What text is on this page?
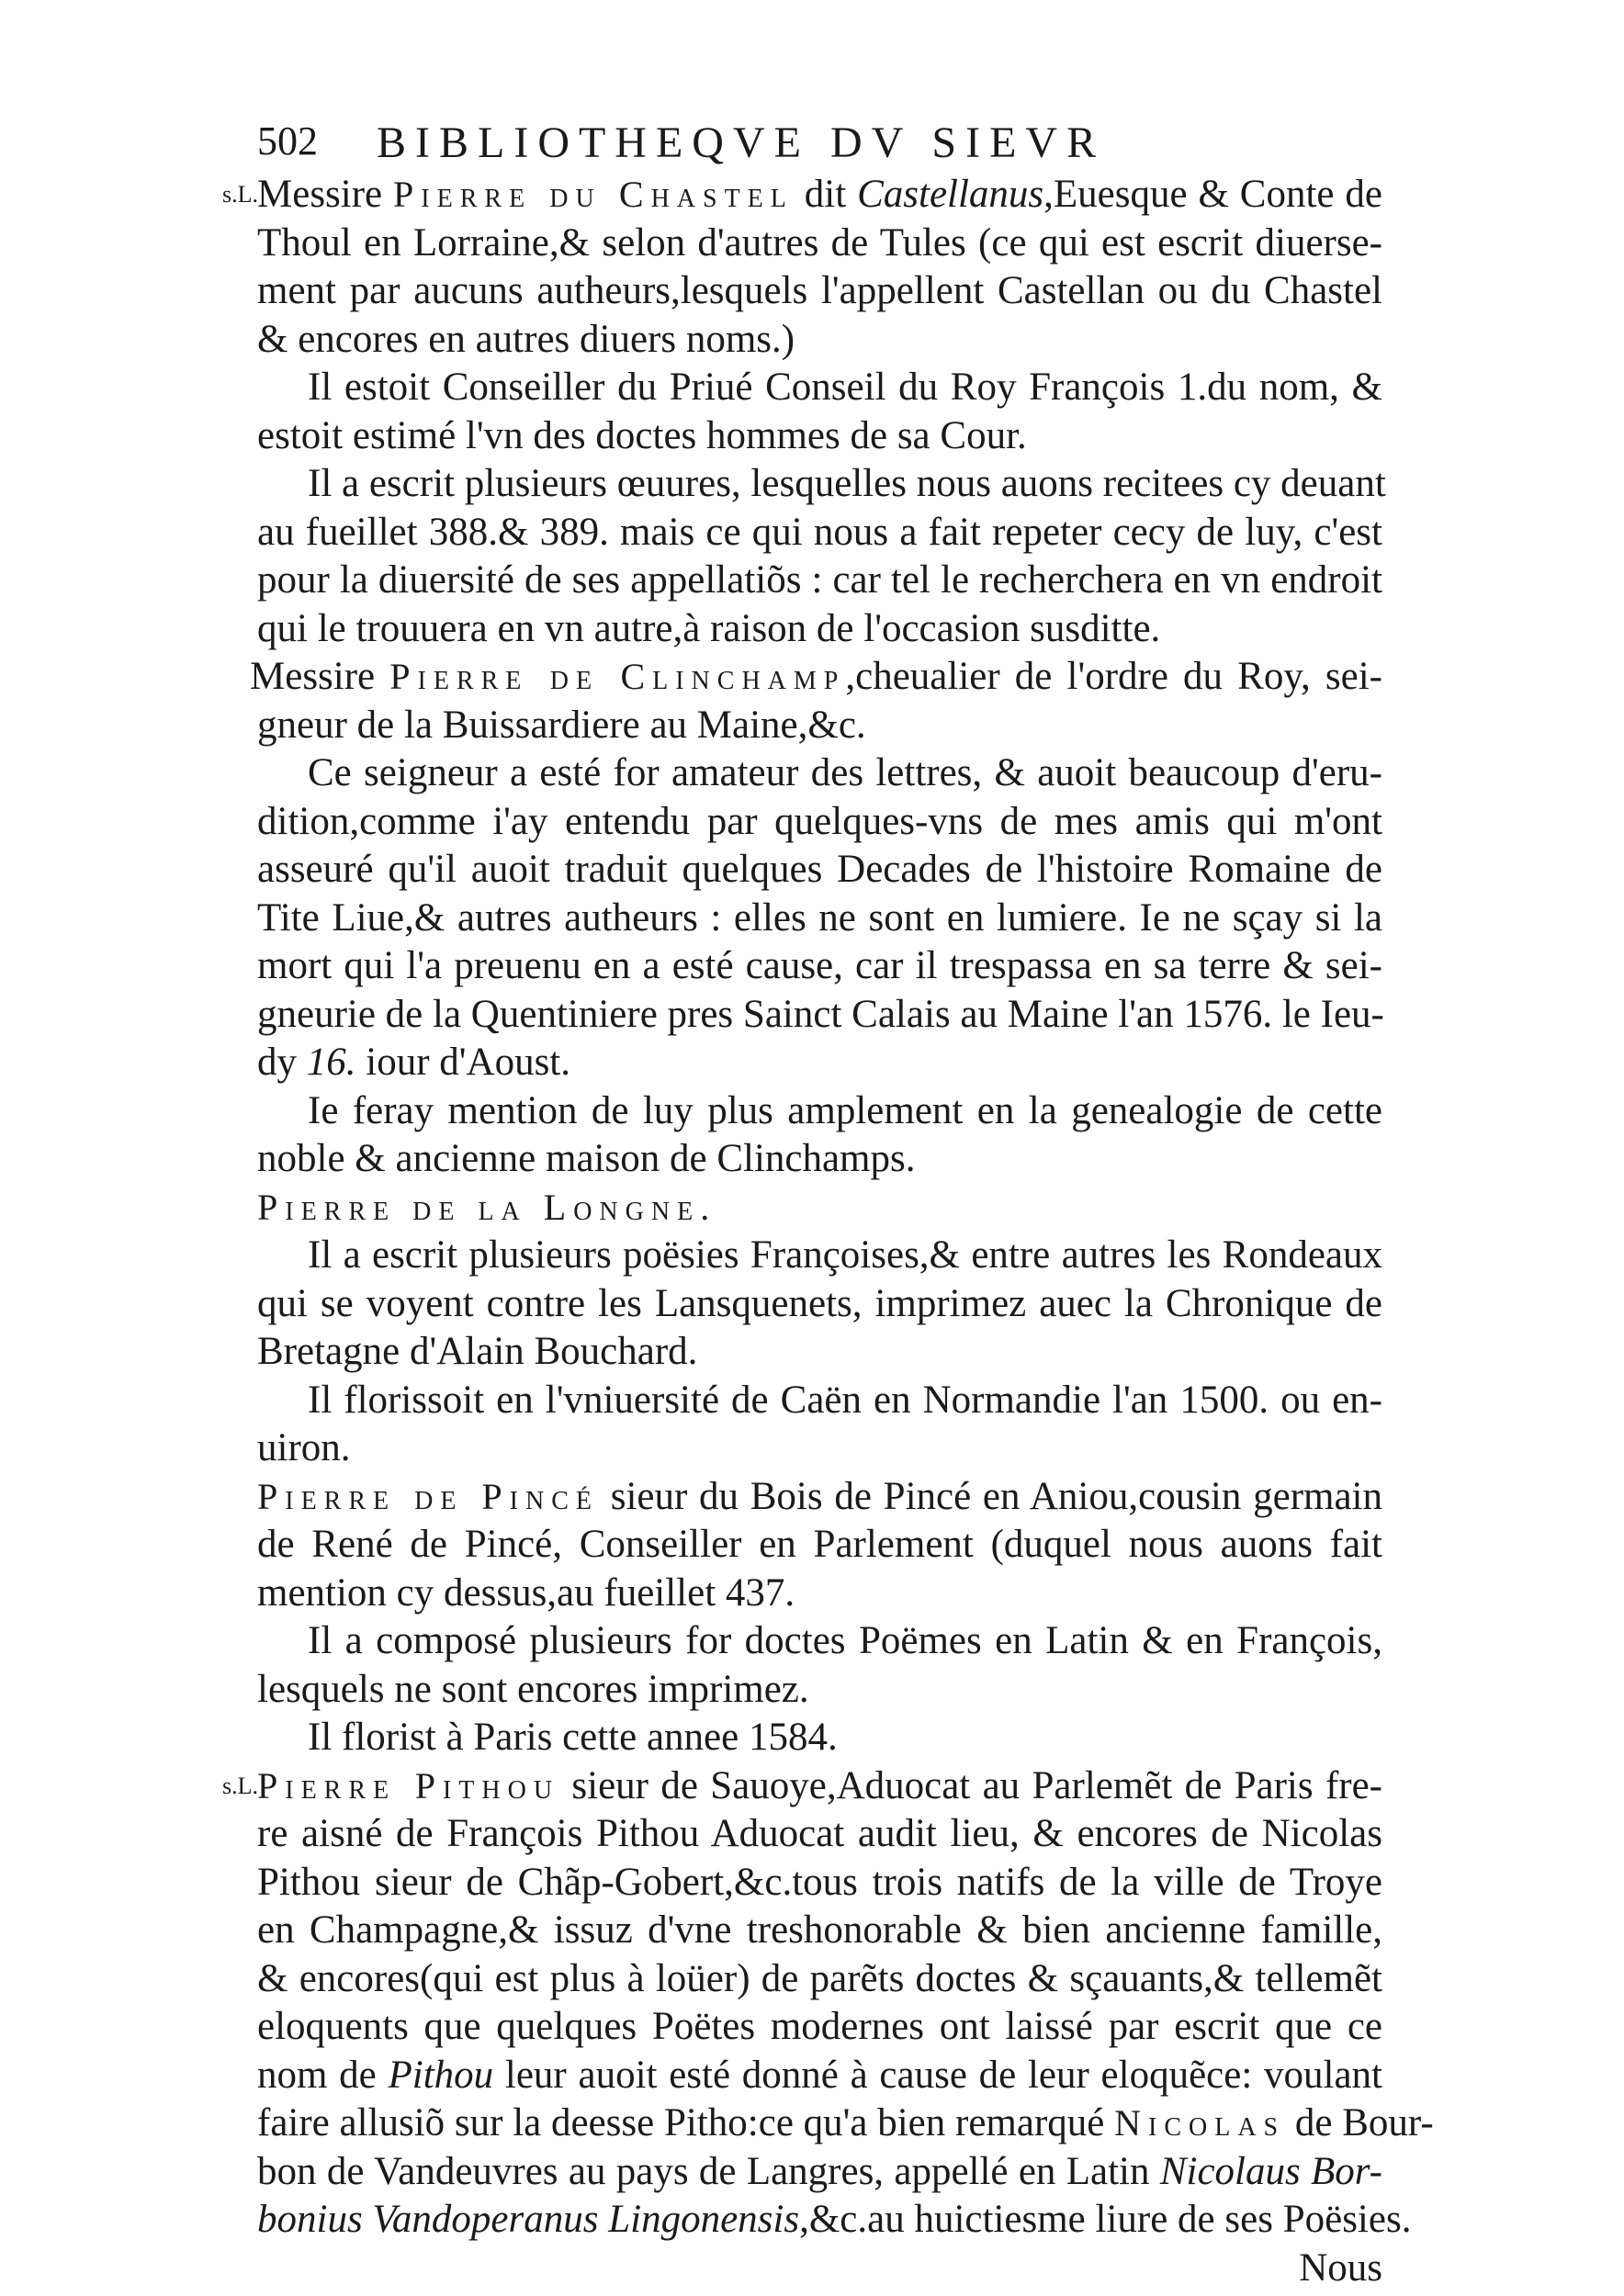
502 BIBLIOTHEQVE DV SIEVR
s.L. Messire Pierre du Chastel dit Castellanus,Euesque & Conte de
Thoul en Lorraine,& selon d'autres de Tules (ce qui est escrit diuerse-
ment par aucuns autheurs,lesquels l'appellent Castellan ou du Chastel
& encores en autres diuers noms.)
Il estoit Conseiller du Priué Conseil du Roy François 1.du nom, &
estoit estimé l'vn des doctes hommes de sa Cour.
Il a escrit plusieurs œuures, lesquelles nous auons recitees cy deuant
au fueillet 388.& 389. mais ce qui nous a fait repeter cecy de luy, c'est
pour la diuersité de ses appellatiõs : car tel le recherchera en vn endroit
qui le trouuera en vn autre,à raison de l'occasion susditte.
Messire Pierre de Clinchamp,cheualier de l'ordre du Roy, sei-
gneur de la Buissardiere au Maine,&c.
Ce seigneur a esté for amateur des lettres, & auoit beaucoup d'eru-
dition,comme i'ay entendu par quelques-vns de mes amis qui m'ont
asseuré qu'il auoit traduit quelques Decades de l'histoire Romaine de
Tite Liue,& autres autheurs : elles ne sont en lumiere. Ie ne sçay si la
mort qui l'a preuenu en a esté cause, car il trespassa en sa terre & sei-
gneurie de la Quentiniere pres Sainct Calais au Maine l'an 1576. le Ieu-
dy 16. iour d'Aoust.
Ie feray mention de luy plus amplement en la genealogie de cette
noble & ancienne maison de Clinchamps.
Pierre de la Longne.
Il a escrit plusieurs poësies Françoises,& entre autres les Rondeaux
qui se voyent contre les Lansquenets, imprimez auec la Chronique de
Bretagne d'Alain Bouchard.
Il florissoit en l'vniuersité de Caën en Normandie l'an 1500. ou en-
uiron.
Pierre de Pincé sieur du Bois de Pincé en Aniou,cousin germain
de René de Pincé, Conseiller en Parlement (duquel nous auons fait
mention cy dessus,au fueillet 437.
Il a composé plusieurs for doctes Poëmes en Latin & en François,
lesquels ne sont encores imprimez.
Il florist à Paris cette annee 1584.
s.L. Pierre Pithou sieur de Sauoye,Aduocat au Parlemẽt de Paris fre-
re aisné de François Pithou Aduocat audit lieu, & encores de Nicolas
Pithou sieur de Chãp-Gobert,&c.tous trois natifs de la ville de Troye
en Champagne,& issuz d'vne treshonorable & bien ancienne famille,
& encores(qui est plus à loüer) de parẽts doctes & sçauants,& tellemẽt
eloquents que quelques Poëtes modernes ont laissé par escrit que ce
nom de Pithou leur auoit esté donné à cause de leur eloquẽce: voulant
faire allusiõ sur la deesse Pitho:ce qu'a bien remarqué Nicolas de Bour-
bon de Vandeuvres au pays de Langres, appellé en Latin Nicolaus Bor-
bonius Vandoperanus Lingonensis,&c.au huictiesme liure de ses Poësies.
Nous
